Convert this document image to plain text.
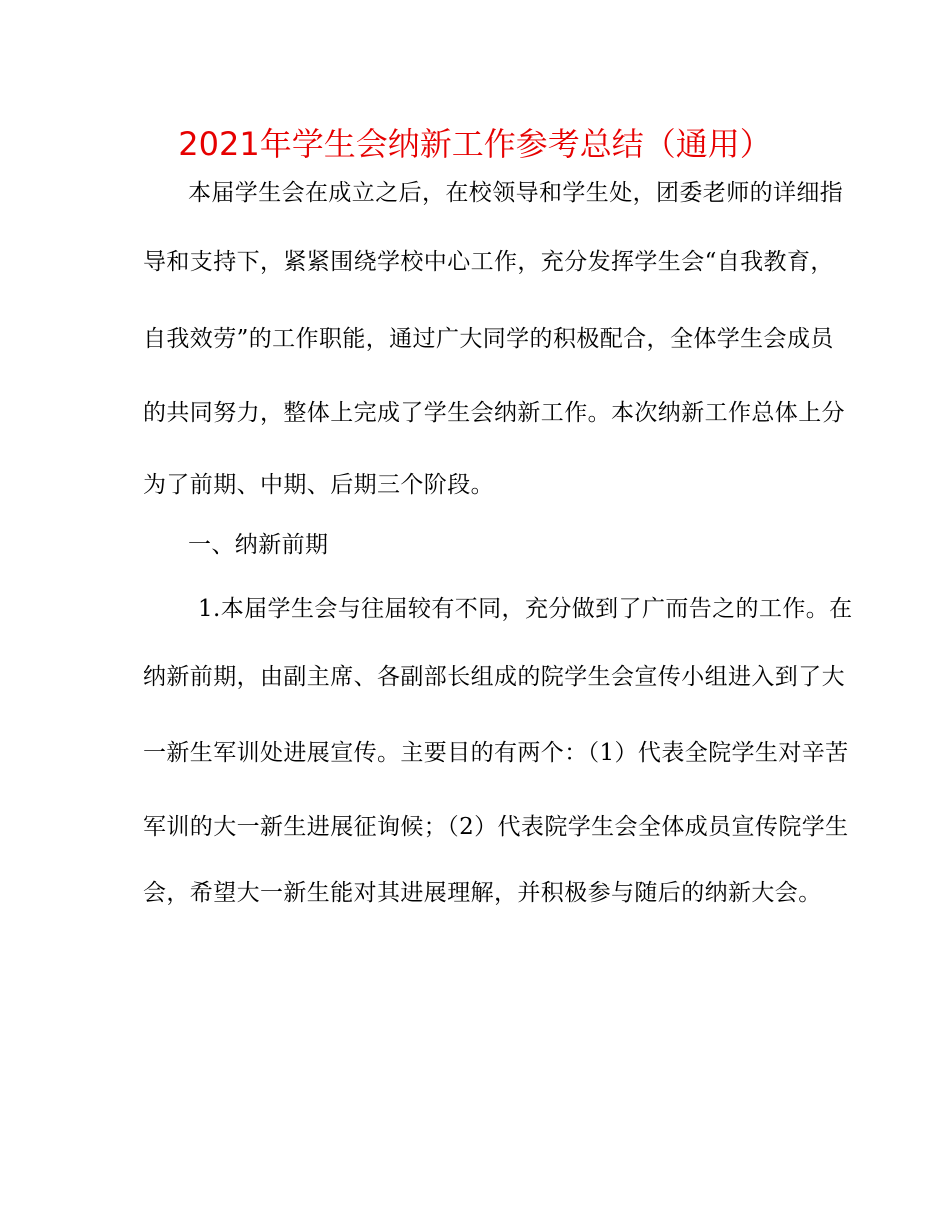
2021年学生会纳新工作参考总结（通用）
本届学生会在成立之后，在校领导和学生处，团委老师的详细指
导和支持下，紧紧围绕学校中心工作，充分发挥学生会“自我教育，
自我效劳”的工作职能，通过广大同学的积极配合，全体学生会成员
的共同努力，整体上完成了学生会纳新工作。本次纳新工作总体上分
为了前期、中期、后期三个阶段。
一、纳新前期
1.本届学生会与往届较有不同，充分做到了广而告之的工作。在
纳新前期，由副主席、各副部长组成的院学生会宣传小组进入到了大
一新生军训处进展宣传。主要目的有两个：（1）代表全院学生对辛苦
军训的大一新生进展征询候；（2）代表院学生会全体成员宣传院学生
会，希望大一新生能对其进展理解，并积极参与随后的纳新大会。
